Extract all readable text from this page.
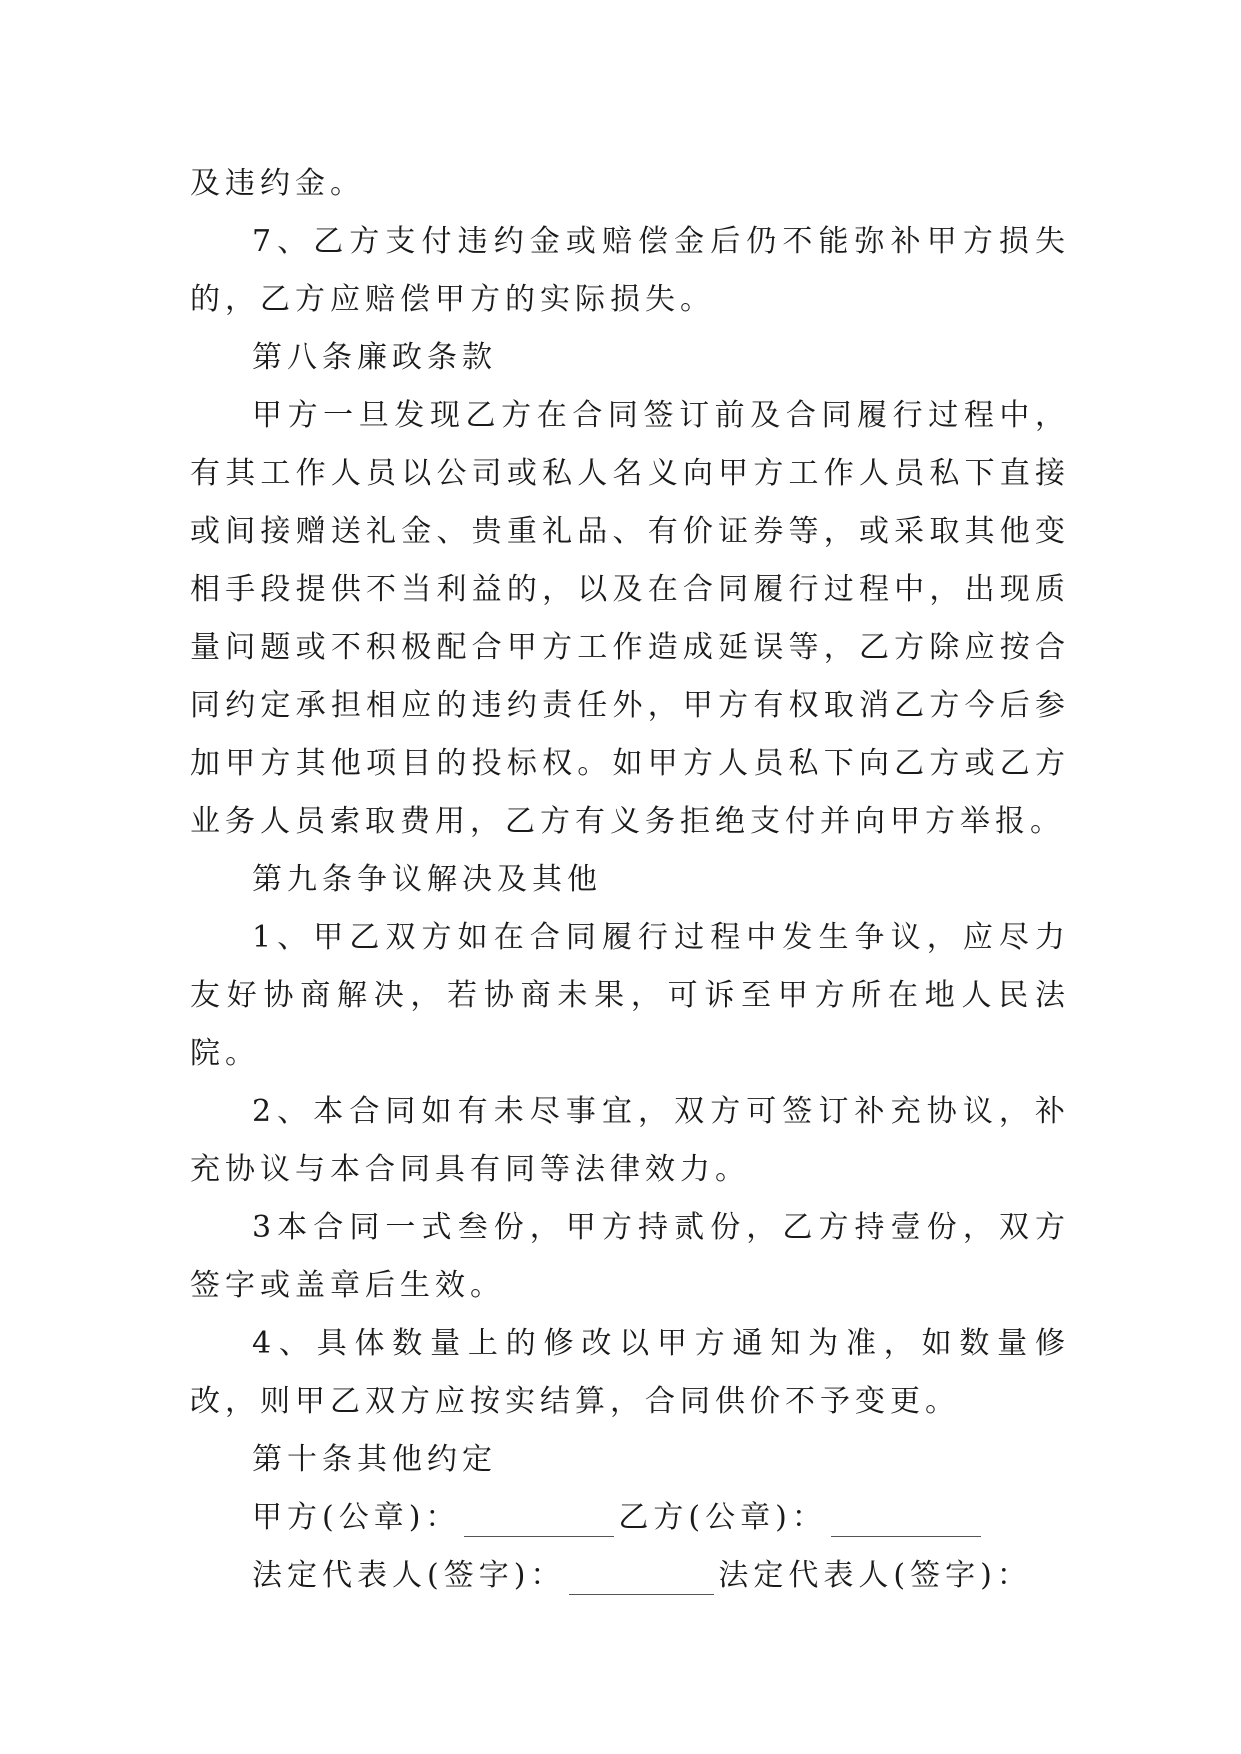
及违约金。

7、乙方支付违约金或赔偿金后仍不能弥补甲方损失的，乙方应赔偿甲方的实际损失。

第八条廉政条款

甲方一旦发现乙方在合同签订前及合同履行过程中，有其工作人员以公司或私人名义向甲方工作人员私下直接或间接赠送礼金、贵重礼品、有价证券等，或采取其他变相手段提供不当利益的，以及在合同履行过程中，出现质量问题或不积极配合甲方工作造成延误等，乙方除应按合同约定承担相应的违约责任外，甲方有权取消乙方今后参加甲方其他项目的投标权。如甲方人员私下向乙方或乙方业务人员索取费用，乙方有义务拒绝支付并向甲方举报。

第九条争议解决及其他

1、甲乙双方如在合同履行过程中发生争议，应尽力友好协商解决，若协商未果，可诉至甲方所在地人民法院。

2、本合同如有未尽事宜，双方可签订补充协议，补充协议与本合同具有同等法律效力。

3本合同一式叁份，甲方持贰份，乙方持壹份，双方签字或盖章后生效。

4、具体数量上的修改以甲方通知为准，如数量修改，则甲乙双方应按实结算，合同供价不予变更。

第十条其他约定

甲方(公章)：	乙方(公章)：
法定代表人(签字)：	法定代表人(签字)：
